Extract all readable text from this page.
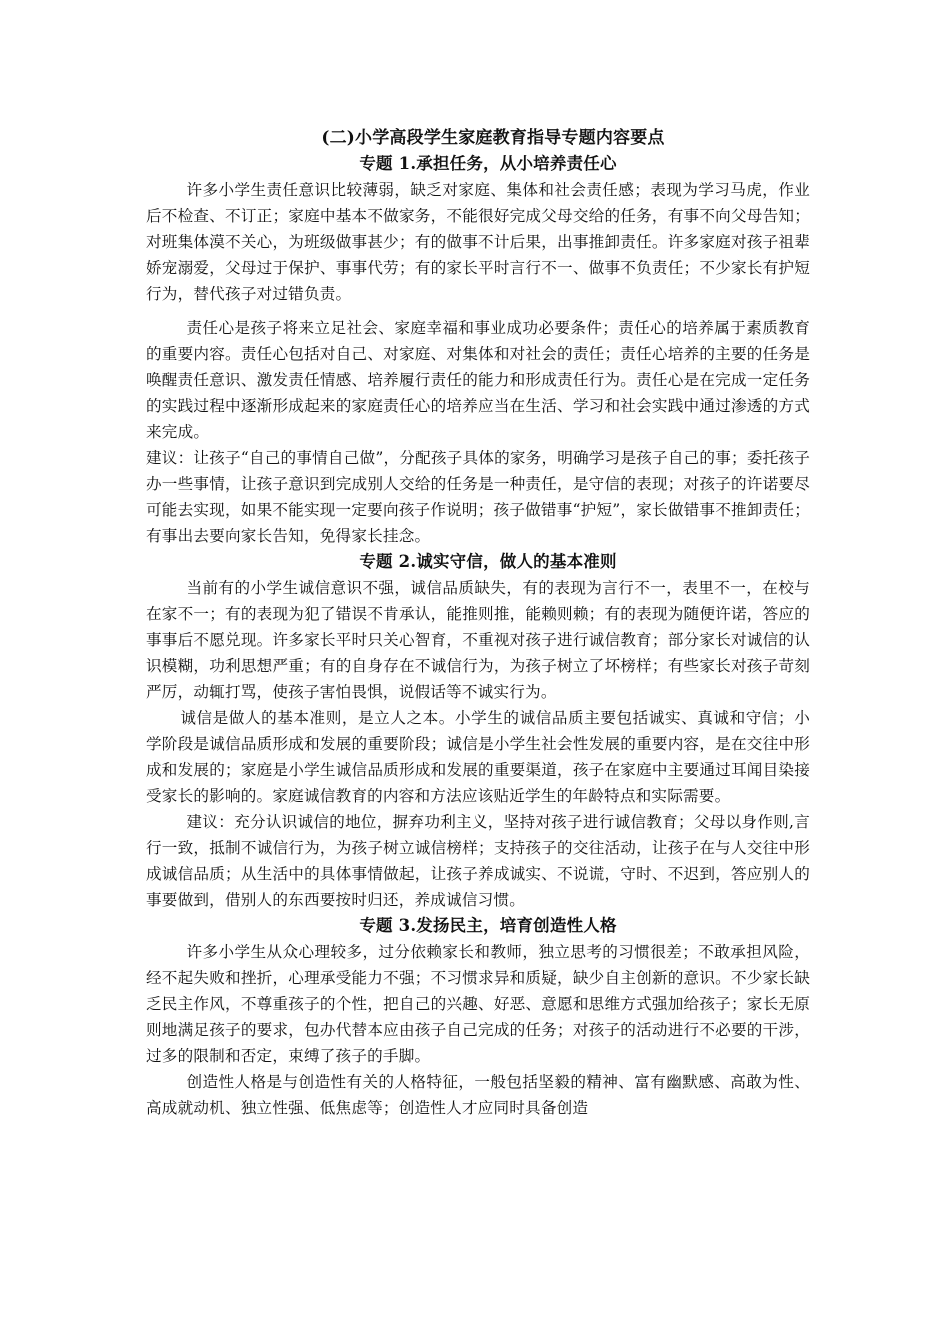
(二)小学高段学生家庭教育指导专题内容要点
专题 1.承担任务，从小培养责任心

许多小学生责任意识比较薄弱，缺乏对家庭、集体和社会责任感；表现为学习马虎，作业后不检查、不订正；家庭中基本不做家务，不能很好完成父母交给的任务，有事不向父母告知；对班集体漠不关心，为班级做事甚少；有的做事不计后果，出事推卸责任。许多家庭对孩子祖辈娇宠溺爱，父母过于保护、事事代劳；有的家长平时言行不一、做事不负责任；不少家长有护短行为，替代孩子对过错负责。

责任心是孩子将来立足社会、家庭幸福和事业成功必要条件；责任心的培养属于素质教育的重要内容。责任心包括对自己、对家庭、对集体和对社会的责任；责任心培养的主要的任务是唤醒责任意识、激发责任情感、培养履行责任的能力和形成责任行为。责任心是在完成一定任务的实践过程中逐渐形成起来的家庭责任心的培养应当在生活、学习和社会实践中通过渗透的方式来完成。

建议：让孩子“自己的事情自己做”，分配孩子具体的家务，明确学习是孩子自己的事；委托孩子办一些事情，让孩子意识到完成别人交给的任务是一种责任，是守信的表现；对孩子的许诺要尽可能去实现，如果不能实现一定要向孩子作说明；孩子做错事“护短”，家长做错事不推卸责任；有事出去要向家长告知，免得家长挂念。

专题 2.诚实守信，做人的基本准则

当前有的小学生诚信意识不强，诚信品质缺失，有的表现为言行不一，表里不一，在校与在家不一；有的表现为犯了错误不肯承认，能推则推，能赖则赖；有的表现为随便许诺，答应的事事后不愿兑现。许多家长平时只关心智育，不重视对孩子进行诚信教育；部分家长对诚信的认识模糊，功利思想严重；有的自身存在不诚信行为，为孩子树立了坏榜样；有些家长对孩子苛刻严厉，动辄打骂，使孩子害怕畏惧，说假话等不诚实行为。

诚信是做人的基本准则，是立人之本。小学生的诚信品质主要包括诚实、真诚和守信；小学阶段是诚信品质形成和发展的重要阶段；诚信是小学生社会性发展的重要内容，是在交往中形成和发展的；家庭是小学生诚信品质形成和发展的重要渠道，孩子在家庭中主要通过耳闻目染接受家长的影响的。家庭诚信教育的内容和方法应该贴近学生的年龄特点和实际需要。

建议：充分认识诚信的地位，摒弃功利主义，坚持对孩子进行诚信教育；父母以身作则,言行一致，抵制不诚信行为，为孩子树立诚信榜样；支持孩子的交往活动，让孩子在与人交往中形成诚信品质；从生活中的具体事情做起，让孩子养成诚实、不说谎，守时、不迟到，答应别人的事要做到，借别人的东西要按时归还，养成诚信习惯。

专题 3.发扬民主，培育创造性人格

许多小学生从众心理较多，过分依赖家长和教师，独立思考的习惯很差；不敢承担风险，经不起失败和挫折，心理承受能力不强；不习惯求异和质疑，缺少自主创新的意识。不少家长缺乏民主作风，不尊重孩子的个性，把自己的兴趣、好恶、意愿和思维方式强加给孩子；家长无原则地满足孩子的要求，包办代替本应由孩子自己完成的任务；对孩子的活动进行不必要的干涉，过多的限制和否定，束缚了孩子的手脚。

创造性人格是与创造性有关的人格特征，一般包括坚毅的精神、富有幽默感、高敢为性、高成就动机、独立性强、低焦虑等；创造性人才应同时具备创造
